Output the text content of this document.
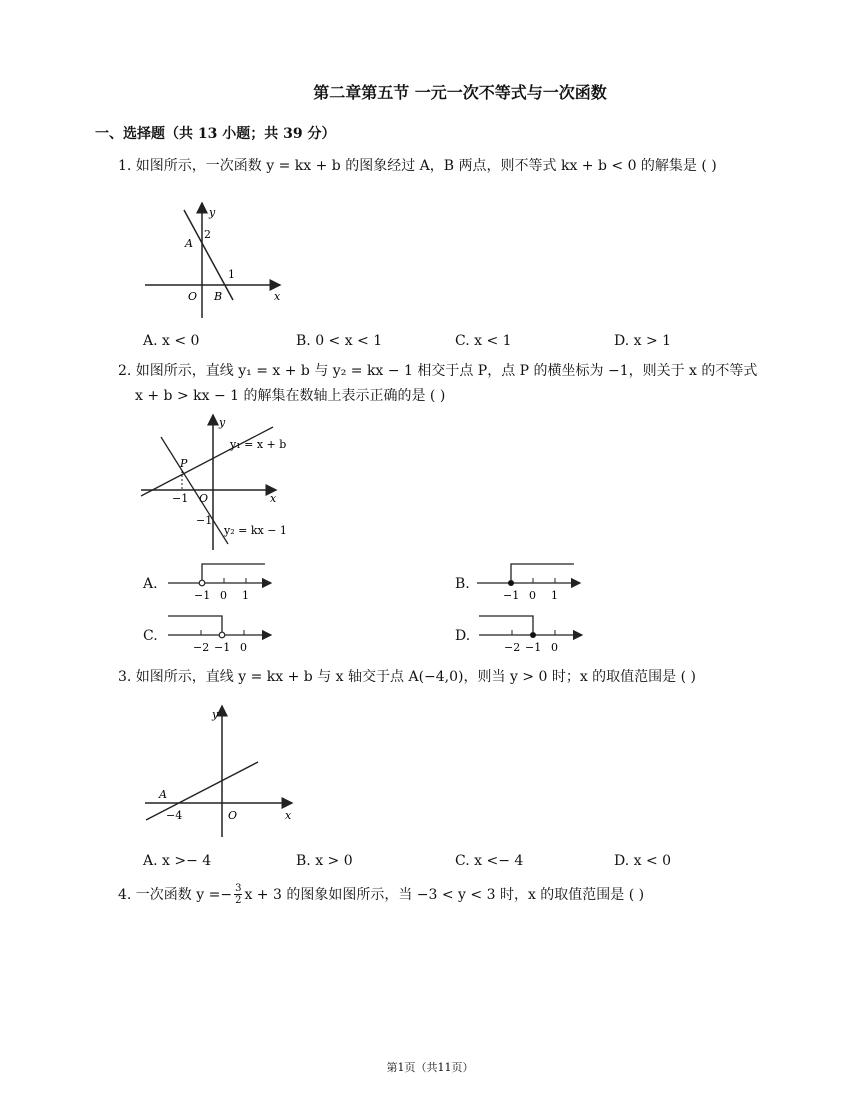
第二章第五节 一元一次不等式与一次函数
一、选择题（共 13 小题；共 39 分）
1. 如图所示，一次函数 y = kx + b 的图象经过 A，B 两点，则不等式 kx + b < 0 的解集是 ( )
y
x
A
2
1
O B
A. x < 0	B. 0 < x < 1	C. x < 1	D. x > 1
2. 如图所示，直线 y₁ = x + b 与 y₂ = kx − 1 相交于点 P，点 P 的横坐标为 −1，则关于 x 的不等式
x + b > kx − 1 的解集在数轴上表示正确的是 ( )
y
x
y₁ = x + b
P
−1 O
−1
y₂ = kx − 1
A.
−1 0 1
B.
−1 0 1
C.
−2 −1 0
D.
−2 −1 0
3. 如图所示，直线 y = kx + b 与 x 轴交于点 A(−4,0)，则当 y > 0 时；x 的取值范围是 ( )
y
x
A
−4	O
A. x >− 4	B. x > 0	C. x <− 4	D. x < 0
4. 一次函数 $y =- \frac{3}{2}$ x + 3 的图象如图所示，当 −3 < y < 3 时，x 的取值范围是 ( )
第1页（共11页）
